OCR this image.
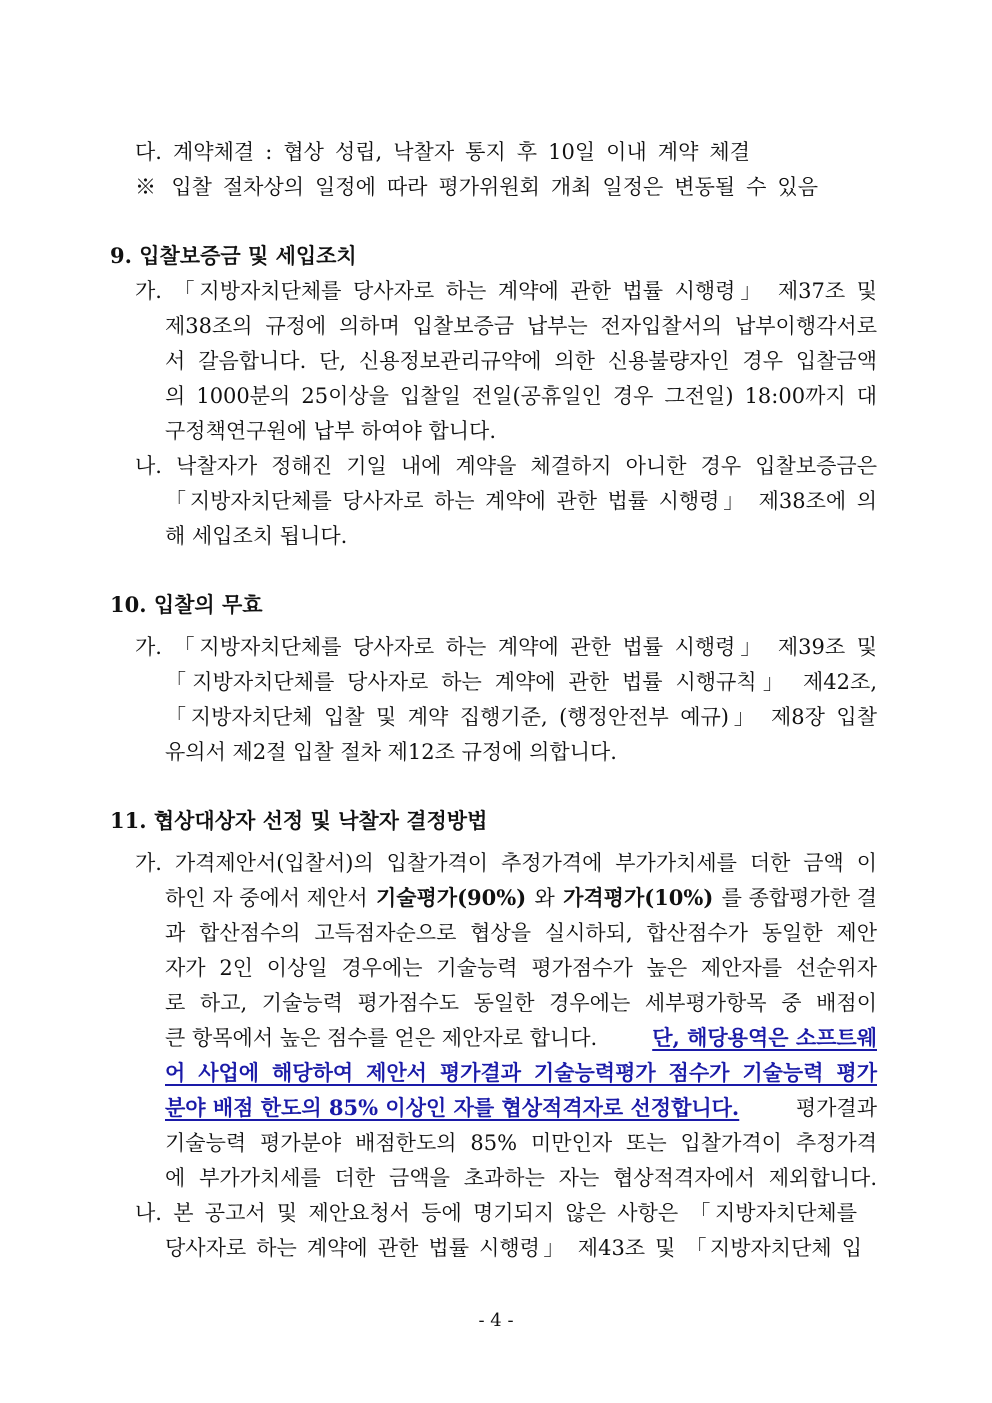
다. 계약체결 : 협상 성립, 낙찰자 통지 후 10일 이내 계약 체결
※ 입찰 절차상의 일정에 따라 평가위원회 개최 일정은 변동될 수 있음
9. 입찰보증금 및 세입조치
가. 「지방자치단체를 당사자로 하는 계약에 관한 법률 시행령」 제37조 및
제38조의 규정에 의하며 입찰보증금 납부는 전자입찰서의 납부이행각서로
서 갈음합니다. 단, 신용정보관리규약에 의한 신용불량자인 경우 입찰금액
의 1000분의 25이상을 입찰일 전일(공휴일인 경우 그전일) 18:00까지 대
구정책연구원에 납부 하여야 합니다.
나. 낙찰자가 정해진 기일 내에 계약을 체결하지 아니한 경우 입찰보증금은
「지방자치단체를 당사자로 하는 계약에 관한 법률 시행령」 제38조에 의
해 세입조치 됩니다.
10. 입찰의 무효
가. 「지방자치단체를 당사자로 하는 계약에 관한 법률 시행령」 제39조 및
「지방자치단체를 당사자로 하는 계약에 관한 법률 시행규칙」 제42조,
「지방자치단체 입찰 및 계약 집행기준, (행정안전부 예규)」 제8장 입찰
유의서 제2절 입찰 절차 제12조 규정에 의합니다.
11. 협상대상자 선정 및 낙찰자 결정방법
가. 가격제안서(입찰서)의 입찰가격이 추정가격에 부가가치세를 더한 금액 이
하인 자 중에서 제안서 기술평가(90%) 와 가격평가(10%) 를 종합평가한 결
과 합산점수의 고득점자순으로 협상을 실시하되, 합산점수가 동일한 제안
자가 2인 이상일 경우에는 기술능력 평가점수가 높은 제안자를 선순위자
로 하고, 기술능력 평가점수도 동일한 경우에는 세부평가항목 중 배점이
큰 항목에서 높은 점수를 얻은 제안자로 합니다.	단, 해당용역은 소프트웨
어 사업에 해당하여 제안서 평가결과 기술능력평가 점수가 기술능력 평가
분야 배점 한도의 85% 이상인 자를 협상적격자로 선정합니다.	평가결과
기술능력 평가분야 배점한도의 85% 미만인자 또는 입찰가격이 추정가격
에 부가가치세를 더한 금액을 초과하는 자는 협상적격자에서 제외합니다.
나. 본 공고서 및 제안요청서 등에 명기되지 않은 사항은 「지방자치단체를
당사자로 하는 계약에 관한 법률 시행령」 제43조 및 「지방자치단체 입
- 4 -
